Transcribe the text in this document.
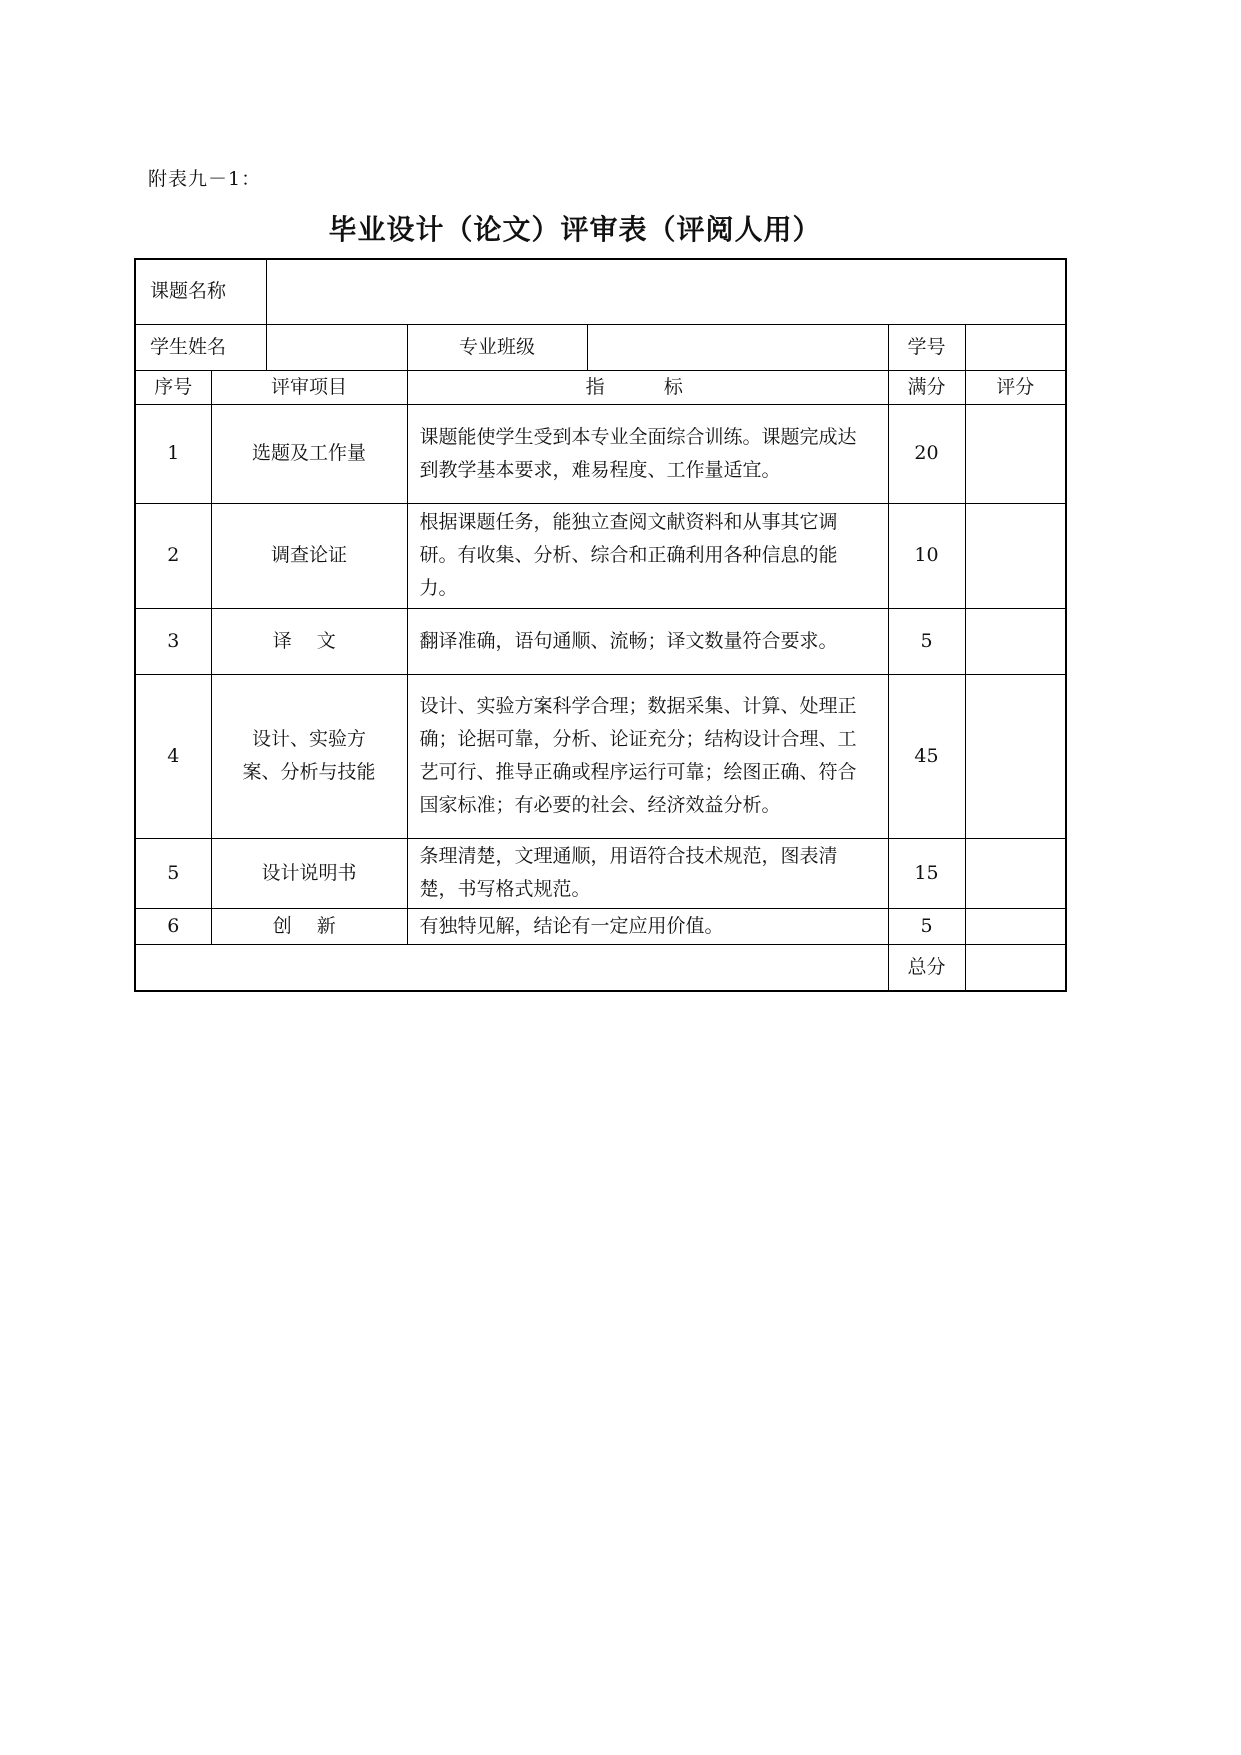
附表九－1：
毕业设计（论文）评审表（评阅人用）
课题名称						
学生姓名			专业班级		学号	
序号	评审项目		指 标		满分	评分
1	选题及工作量		课题能使学生受到本专业全面综合训练。课题完成达到教学基本要求，难易程度、工作量适宜。		20	
2	调查论证		根据课题任务，能独立查阅文献资料和从事其它调研。有收集、分析、综合和正确利用各种信息的能力。		10	
3	译 文		翻译准确，语句通顺、流畅；译文数量符合要求。		5	
4	设计、实验方案、分析与技能		设计、实验方案科学合理；数据采集、计算、处理正确；论据可靠，分析、论证充分；结构设计合理、工艺可行、推导正确或程序运行可靠；绘图正确、符合国家标准；有必要的社会、经济效益分析。		45	
5	设计说明书		条理清楚，文理通顺，用语符合技术规范，图表清楚，书写格式规范。		15	
6	创 新		有独特见解，结论有一定应用价值。		5	
					总分	
